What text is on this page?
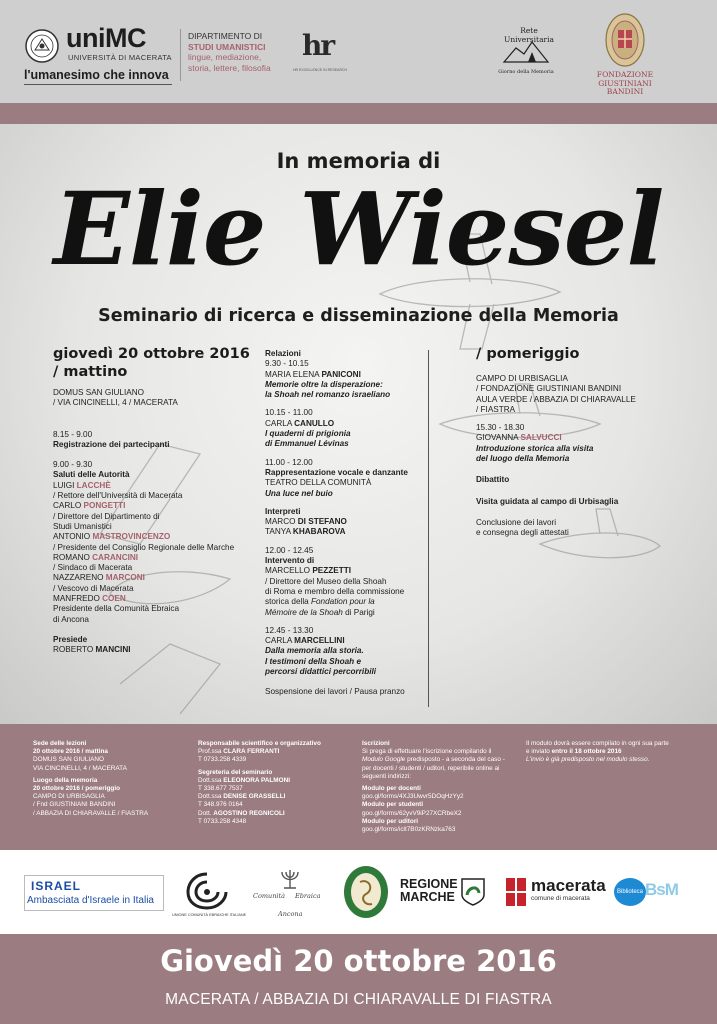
uniMC
UNIVERSITÀ DI MACERATA
l'umanesimo che innova
DIPARTIMENTO DI
STUDI UMANISTICI
lingue, mediazione,
storia, lettere, filosofia
hr
HR EXCELLENCE IN RESEARCH
Rete Universitaria
Giorno della Memoria	FONDAZIONE
GIUSTINIANI
BANDINI
In memoria di
Elie Wiesel
Seminario di ricerca e disseminazione della Memoria
giovedì 20 ottobre 2016
/ mattino
DOMUS SAN GIULIANO
/ VIA CINCINELLI, 4 / MACERATA
8.15 - 9.00
Registrazione dei partecipanti
9.00 - 9.30
Saluti delle Autorità
LUIGI LACCHÈ
/ Rettore dell'Università di Macerata
CARLO PONGETTI
/ Direttore del Dipartimento di
Studi Umanistici
ANTONIO MASTROVINCENZO
/ Presidente del Consiglio Regionale delle Marche
ROMANO CARANCINI
/ Sindaco di Macerata
NAZZARENO MARCONI
/ Vescovo di Macerata
MANFREDO COEN
Presidente della Comunità Ebraica
di Ancona
Presiede
ROBERTO MANCINI
Relazioni
9.30 - 10.15
MARIA ELENA PANICONI
Memorie oltre la disperazione:
la Shoah nel romanzo israeliano
10.15 - 11.00
CARLA CANULLO
I quaderni di prigionia
di Emmanuel Lévinas
11.00 - 12.00
Rappresentazione vocale e danzante
TEATRO DELLA COMUNITÀ
Una luce nel buio
Interpreti
MARCO DI STEFANO
TANYA KHABAROVA
12.00 - 12.45
Intervento di
MARCELLO PEZZETTI
/ Direttore del Museo della Shoah
di Roma e membro della commissione
storica della Fondation pour la
Mémoire de la Shoah di Parigi
12.45 - 13.30
CARLA MARCELLINI
Dalla memoria alla storia.
I testimoni della Shoah e
percorsi didattici percorribili
Sospensione dei lavori / Pausa pranzo
/ pomeriggio
CAMPO DI URBISAGLIA
/ FONDAZIONE GIUSTINIANI BANDINI
AULA VERDE / ABBAZIA DI CHIARAVALLE
/ FIASTRA
15.30 - 18.30
GIOVANNA SALVUCCI
Introduzione storica alla visita
del luogo della Memoria
Dibattito
Visita guidata al campo di Urbisaglia
Conclusione dei lavori
e consegna degli attestati
Sede delle lezioni
20 ottobre 2016 / mattina
DOMUS SAN GIULIANO
VIA CINCINELLI, 4 / MACERATA
Luogo della memoria
20 ottobre 2016 / pomeriggio
CAMPO DI URBISAGLIA
/ Fnd GIUSTINIANI BANDINI
/ ABBAZIA DI CHIARAVALLE / FIASTRA
Responsabile scientifico e organizzativo
Prof.ssa CLARA FERRANTI
T 0733.258 4339
Segreteria del seminario
Dott.ssa ELEONORA PALMONI
T 338.677 7537
Dott.ssa DENISE GRASSELLI
T 348.976 0164
Dott. AGOSTINO REGNICOLI
T 0733.258 4348
Iscrizioni
Si prega di effettuare l'iscrizione compilando il
Modulo Google predisposto - a seconda del caso -
per docenti / studenti / uditori, reperibile online ai
seguenti indirizzi:
Modulo per docenti
goo.gl/forms/4XJ3Uwvr5DOqHzYy2
Modulo per studenti
goo.gl/forms/62yvV9iP27XCRbeX2
Modulo per uditori
goo.gl/forms/iclt7B0zKRNzka763
Il modulo dovrà essere compilato in ogni sua parte
e inviato entro il 18 ottobre 2016
L'invio è già predisposto nel modulo stesso.
ISRAEL
Ambasciata d'Israele in Italia
UNIONE COMUNITÀ EBRAICHE ITALIANE
Comunità Ebraica
Ancona
REGIONE
MARCHE
macerata
comune di macerata
Biblioteca BsM
Giovedì 20 ottobre 2016
MACERATA / ABBAZIA DI CHIARAVALLE DI FIASTRA
